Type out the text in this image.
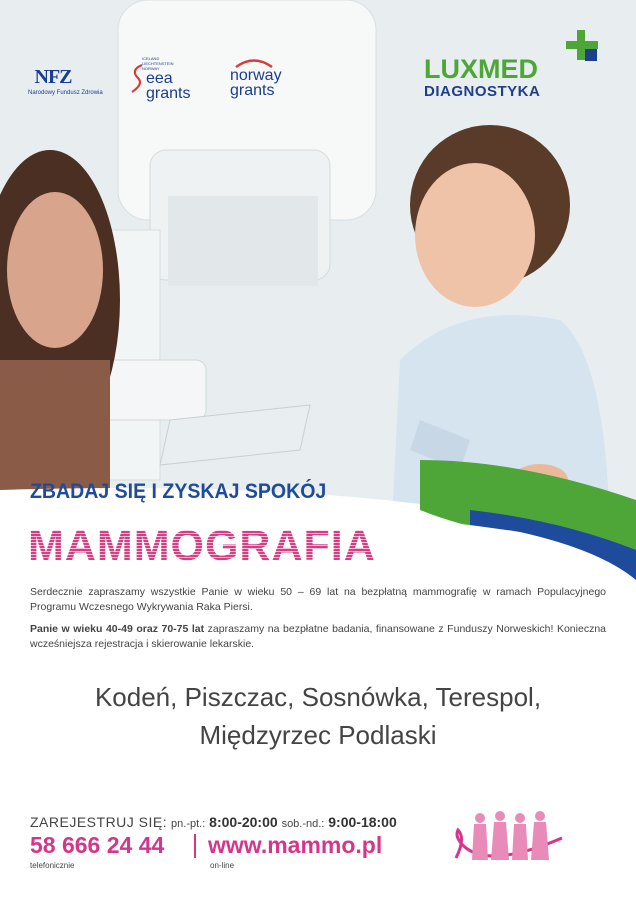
NFZ
Narodowy Fundusz Zdrowia
ICELAND
LIECHTENSTEIN
NORWAY
eea
grants
norway
grants
LUXMED
DIAGNOSTYKA
ZBADAJ SIĘ I ZYSKAJ SPOKÓJ
MAMMOGRAFIA

Serdecznie zapraszamy wszystkie Panie w wieku 50 – 69 lat na bezpłatną mammografię w ramach Populacyjnego Programu Wczesnego Wykrywania Raka Piersi.

Panie w wieku 40-49 oraz 70-75 lat zapraszamy na bezpłatne badania, finansowane z Funduszy Norweskich! Konieczna wcześniejsza rejestracja i skierowanie lekarskie.

Kodeń, Piszczac, Sosnówka, Terespol,
Międzyrzec Podlaski
ZAREJESTRUJ SIĘ: pn.-pt.: 8:00-20:00 sob.-nd.: 9:00-18:00
58 666 24 44 www.mammo.pl
telefonicznie	on-line
